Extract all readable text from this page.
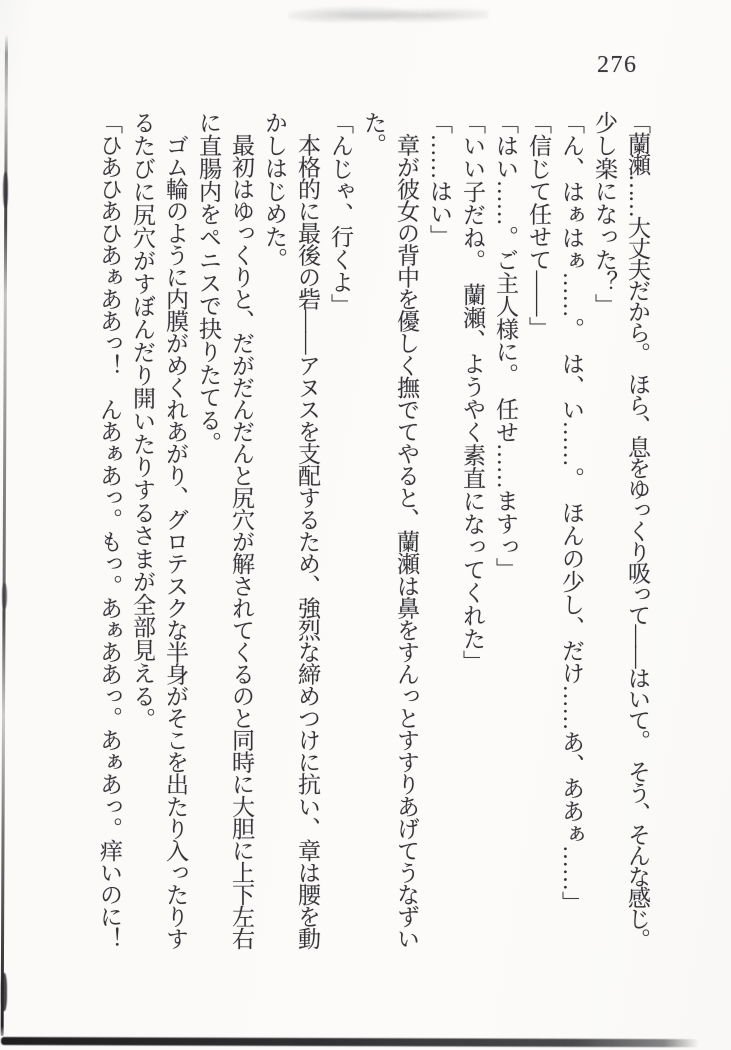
276
「蘭瀬……大丈夫だから。　ほら、息をゆっくり吸って――はいて。　そう、そんな感じ。
少し楽になった？」
「ん、はぁはぁ……。　は、い……。　ほんの少し、だけ……あ、ああぁ……」
「信じて任せて――」
「はい……。ご主人様に。　任せ……ますっ」
「いい子だね。　蘭瀬、ようやく素直になってくれた」
「……はい」
　章が彼女の背中を優しく撫でてやると、蘭瀬は鼻をすんっとすすりあげてうなずい
た。
「んじゃ、行くよ」
　本格的に最後の砦――アヌスを支配するため、強烈な締めつけに抗い、章は腰を動
かしはじめた。
　最初はゆっくりと、だがだんだんと尻穴が解されてくるのと同時に大胆に上下左右
に直腸内をペニスで抉りたてる。
　ゴム輪のように内膜がめくれあがり、グロテスクな半身がそこを出たり入ったりす
るたびに尻穴がすぼんだり開いたりするさまが全部見える。
「ひあひあひあぁああっ！　んあぁあっ。もっ。あぁああっ。あぁあっ。痒いのに！
